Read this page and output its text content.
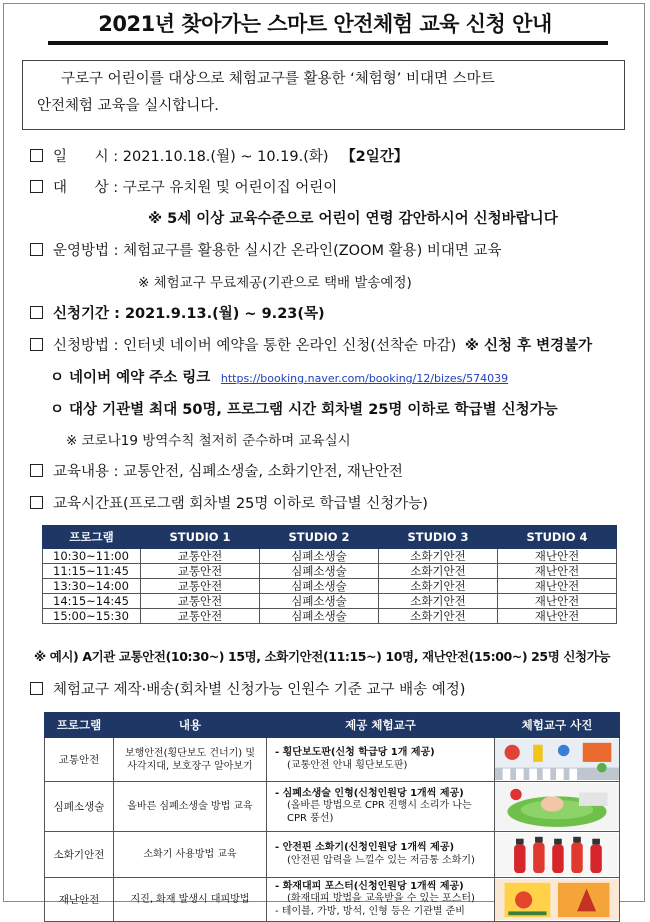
2021년 찾아가는 스마트 안전체험 교육 신청 안내
구로구 어린이를 대상으로 체험교구를 활용한 ‘체험형’ 비대면 스마트
안전체험 교육을 실시합니다.
일      시 : 2021.10.18.(월) ~ 10.19.(화) 【2일간】
대      상 : 구로구 유치원 및 어린이집 어린이
※ 5세 이상 교육수준으로 어린이 연령 감안하시어 신청바랍니다
운영방법 : 체험교구를 활용한 실시간 온라인(ZOOM 활용) 비대면 교육
※ 체험교구 무료제공(기관으로 택배 발송예정)
신청기간 : 2021.9.13.(월) ~ 9.23(목)
신청방법 : 인터넷 네이버 예약을 통한 온라인 신청(선착순 마감) ※ 신청 후 변경불가
ㅇ 네이버 예약 주소 링크 https://booking.naver.com/booking/12/bizes/574039
ㅇ 대상 기관별 최대 50명, 프로그램 시간 회차별 25명 이하로 학급별 신청가능
※ 코로나19 방역수칙 철저히 준수하며 교육실시
교육내용 : 교통안전, 심폐소생술, 소화기안전, 재난안전
교육시간표(프로그램 회차별 25명 이하로 학급별 신청가능)
프로그램	STUDIO 1	STUDIO 2	STUDIO 3	STUDIO 4
10:30~11:00	교통안전	심폐소생술	소화기안전	재난안전
11:15~11:45	교통안전	심폐소생술	소화기안전	재난안전
13:30~14:00	교통안전	심폐소생술	소화기안전	재난안전
14:15~14:45	교통안전	심폐소생술	소화기안전	재난안전
15:00~15:30	교통안전	심폐소생술	소화기안전	재난안전
※ 예시) A기관 교통안전(10:30~) 15명, 소화기안전(11:15~) 10명, 재난안전(15:00~) 25명 신청가능
체험교구 제작·배송(회차별 신청가능 인원수 기준 교구 배송 예정)
프로그램	내용	제공 체험교구	체험교구 사진
교통안전	보행안전(횡단보도 건너기) 및 사각지대, 보호장구 알아보기	- 횡단보도판(신청 학급당 1개 제공)
(교통안전 안내 횡단보도판)

심폐소생술	올바른 심폐소생술 방법 교육	- 심폐소생술 인형(신청인원당 1개씩 제공)
(올바른 방법으로 CPR 진행시 소리가 나는 CPR 풍선)

소화기안전	소화기 사용방법 교육	- 안전핀 소화기(신청인원당 1개씩 제공)
(안전핀 압력을 느낄수 있는 저금통 소화기)

재난안전	지진, 화재 발생시 대피방법	- 화재대피 포스터(신청인원당 1개씩 제공)
(화재대피 방법을 교육받을 수 있는 포스터)
- 테이블, 가방, 방석, 인형 등은 기관별 준비
